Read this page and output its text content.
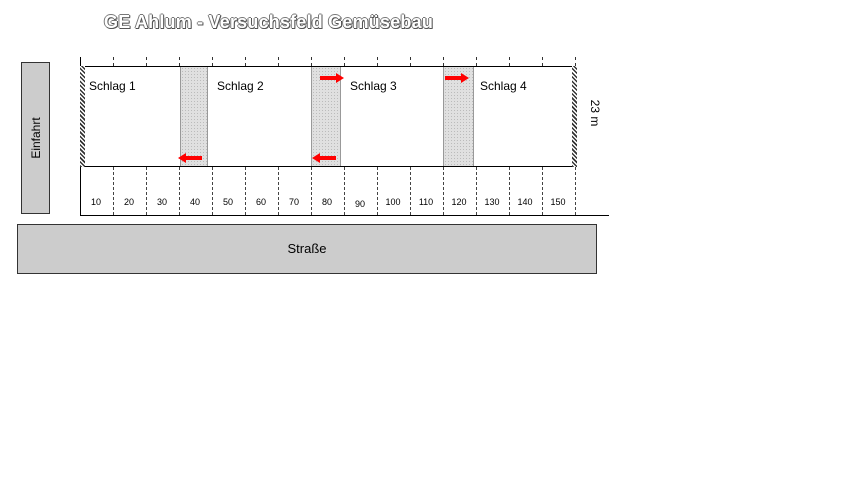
GE Ahlum - Versuchsfeld Gemüsebau
Einfahrt
Schlag 1	Schlag 2	Schlag 3	Schlag 4
23 m
10	20	30	40	50	60	70	80	90	100	110	120	130	140	150
Straße
